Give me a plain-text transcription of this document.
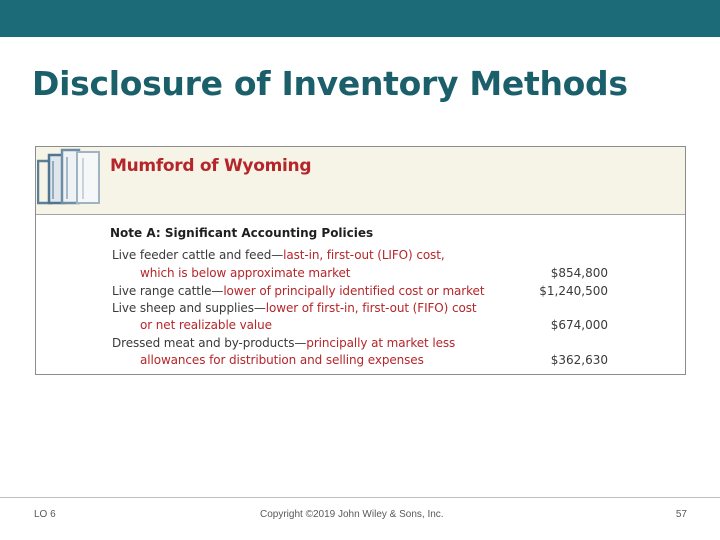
Disclosure of Inventory Methods
Mumford of Wyoming
Note A: Significant Accounting Policies
Live feeder cattle and feed—last-in, first-out (LIFO) cost,
which is below approximate market	$854,800
Live range cattle—lower of principally identified cost or market	$1,240,500
Live sheep and supplies—lower of first-in, first-out (FIFO) cost
or net realizable value	$674,000
Dressed meat and by-products—principally at market less
allowances for distribution and selling expenses	$362,630
LO 6	Copyright ©2019 John Wiley & Sons, Inc.	57
